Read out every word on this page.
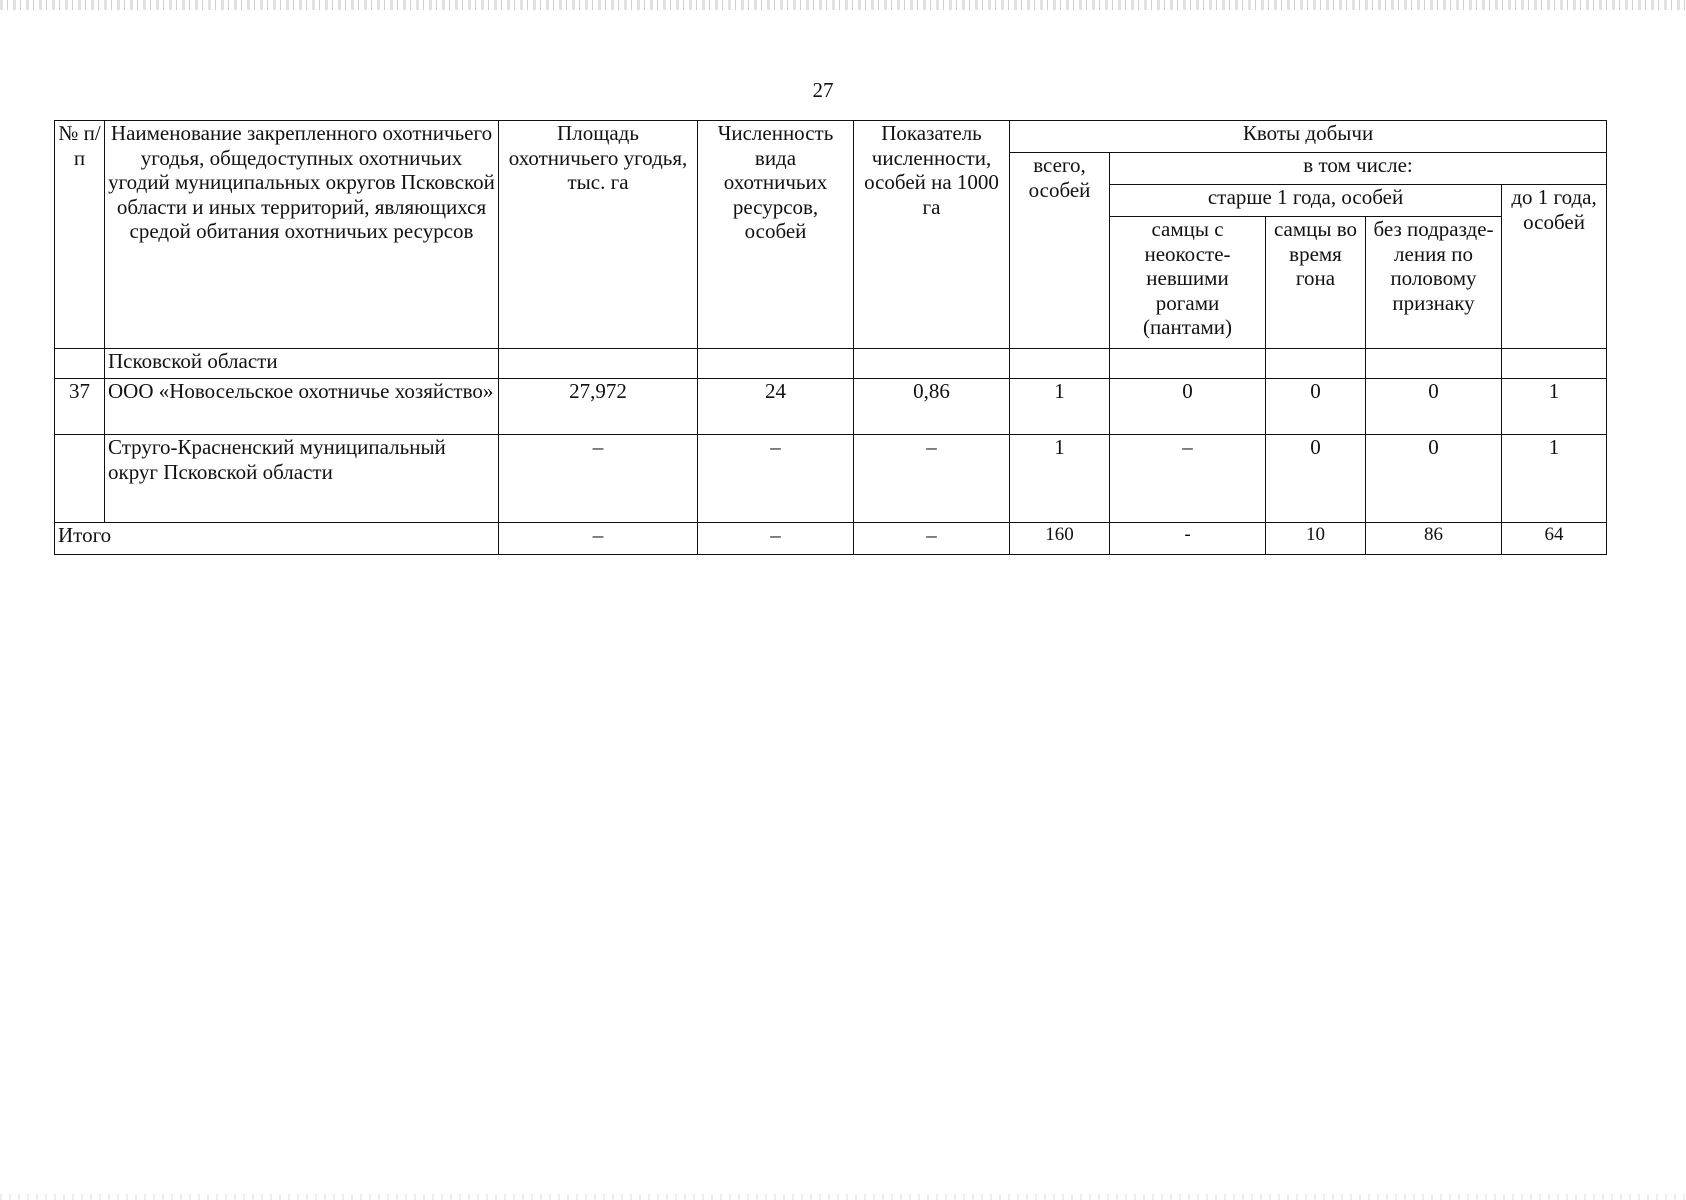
27
№ п/п	Наименование закрепленного охотничьего угодья, общедоступных охотничьих угодий муниципальных округов Псковской области и иных территорий, являющихся средой обитания охотничьих ресурсов	Площадь охотничьего угодья, тыс. га	Численность вида охотничьих ресурсов, особей	Показатель численности, особей на 1000 га	Квоты добычи				
					всего, особей	в том числе:			
						старше 1 года, особей			до 1 года, особей
						самцы с неокосте-невшими рогами (пантами)	самцы во время гона	без подразде-ления по половому признаку	
	Псковской области								
37	ООО «Новосельское охотничье хозяйство»	27,972	24	0,86	1	0	0	0	1
	Струго-Красненский муниципальный округ Псковской области	–	–	–	1	–	0	0	1
Итого		–	–	–	160	-	10	86	64
